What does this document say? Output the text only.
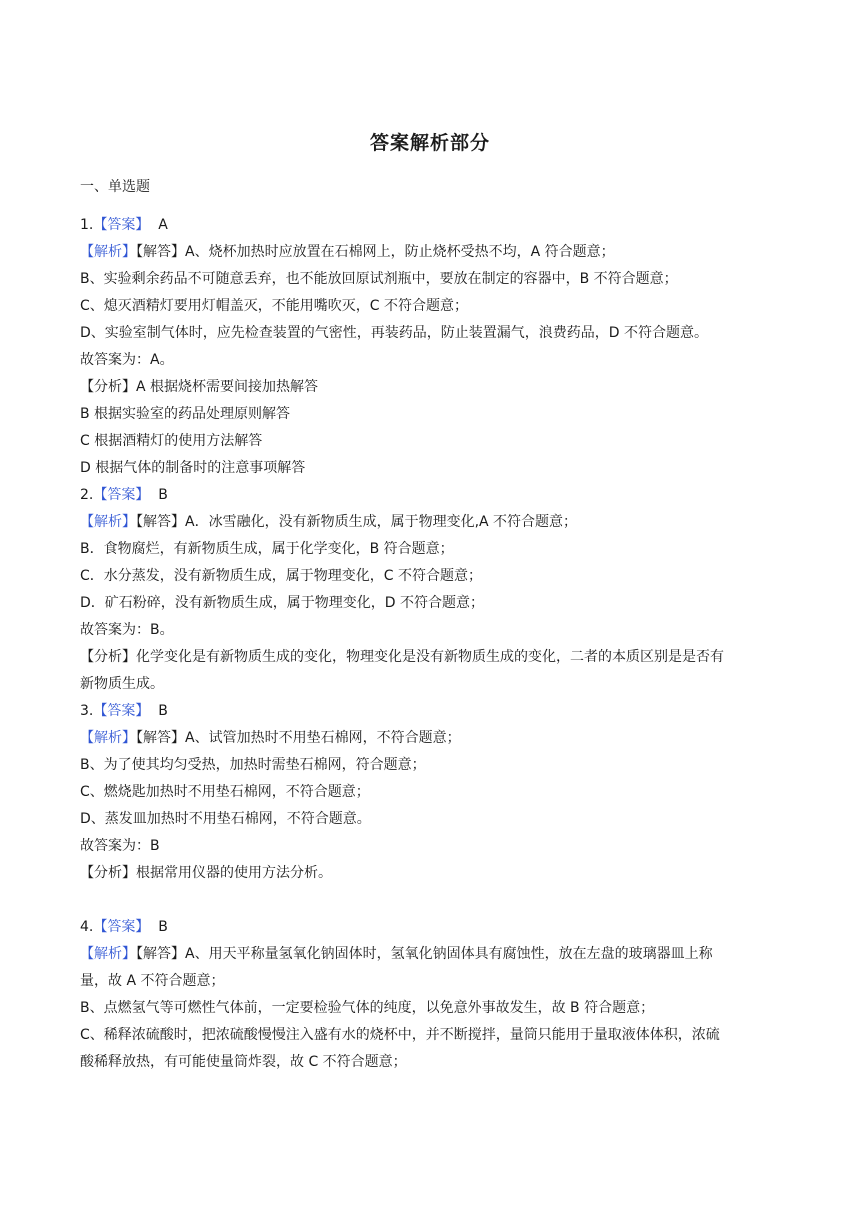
答案解析部分
一、单选题
1.【答案】 A
【解析】【解答】A、烧杯加热时应放置在石棉网上，防止烧杯受热不均，A 符合题意；
B、实验剩余药品不可随意丢弃，也不能放回原试剂瓶中，要放在制定的容器中，B 不符合题意；
C、熄灭酒精灯要用灯帽盖灭，不能用嘴吹灭，C 不符合题意；
D、实验室制气体时，应先检查装置的气密性，再装药品，防止装置漏气，浪费药品，D 不符合题意。
故答案为：A。
【分析】A 根据烧杯需要间接加热解答
B 根据实验室的药品处理原则解答
C 根据酒精灯的使用方法解答
D 根据气体的制备时的注意事项解答
2.【答案】 B
【解析】【解答】A．冰雪融化，没有新物质生成，属于物理变化,A 不符合题意；
B．食物腐烂，有新物质生成，属于化学变化，B 符合题意；
C．水分蒸发，没有新物质生成，属于物理变化，C 不符合题意；
D．矿石粉碎，没有新物质生成，属于物理变化，D 不符合题意；
故答案为：B。
【分析】化学变化是有新物质生成的变化，物理变化是没有新物质生成的变化，二者的本质区别是是否有
新物质生成。
3.【答案】 B
【解析】【解答】A、试管加热时不用垫石棉网，不符合题意；
B、为了使其均匀受热，加热时需垫石棉网，符合题意；
C、燃烧匙加热时不用垫石棉网，不符合题意；
D、蒸发皿加热时不用垫石棉网，不符合题意。
故答案为：B
【分析】根据常用仪器的使用方法分析。
4.【答案】 B
【解析】【解答】A、用天平称量氢氧化钠固体时，氢氧化钠固体具有腐蚀性，放在左盘的玻璃器皿上称
量，故 A 不符合题意；
B、点燃氢气等可燃性气体前，一定要检验气体的纯度，以免意外事故发生，故 B 符合题意；
C、稀释浓硫酸时，把浓硫酸慢慢注入盛有水的烧杯中，并不断搅拌，量筒只能用于量取液体体积，浓硫
酸稀释放热，有可能使量筒炸裂，故 C 不符合题意；
